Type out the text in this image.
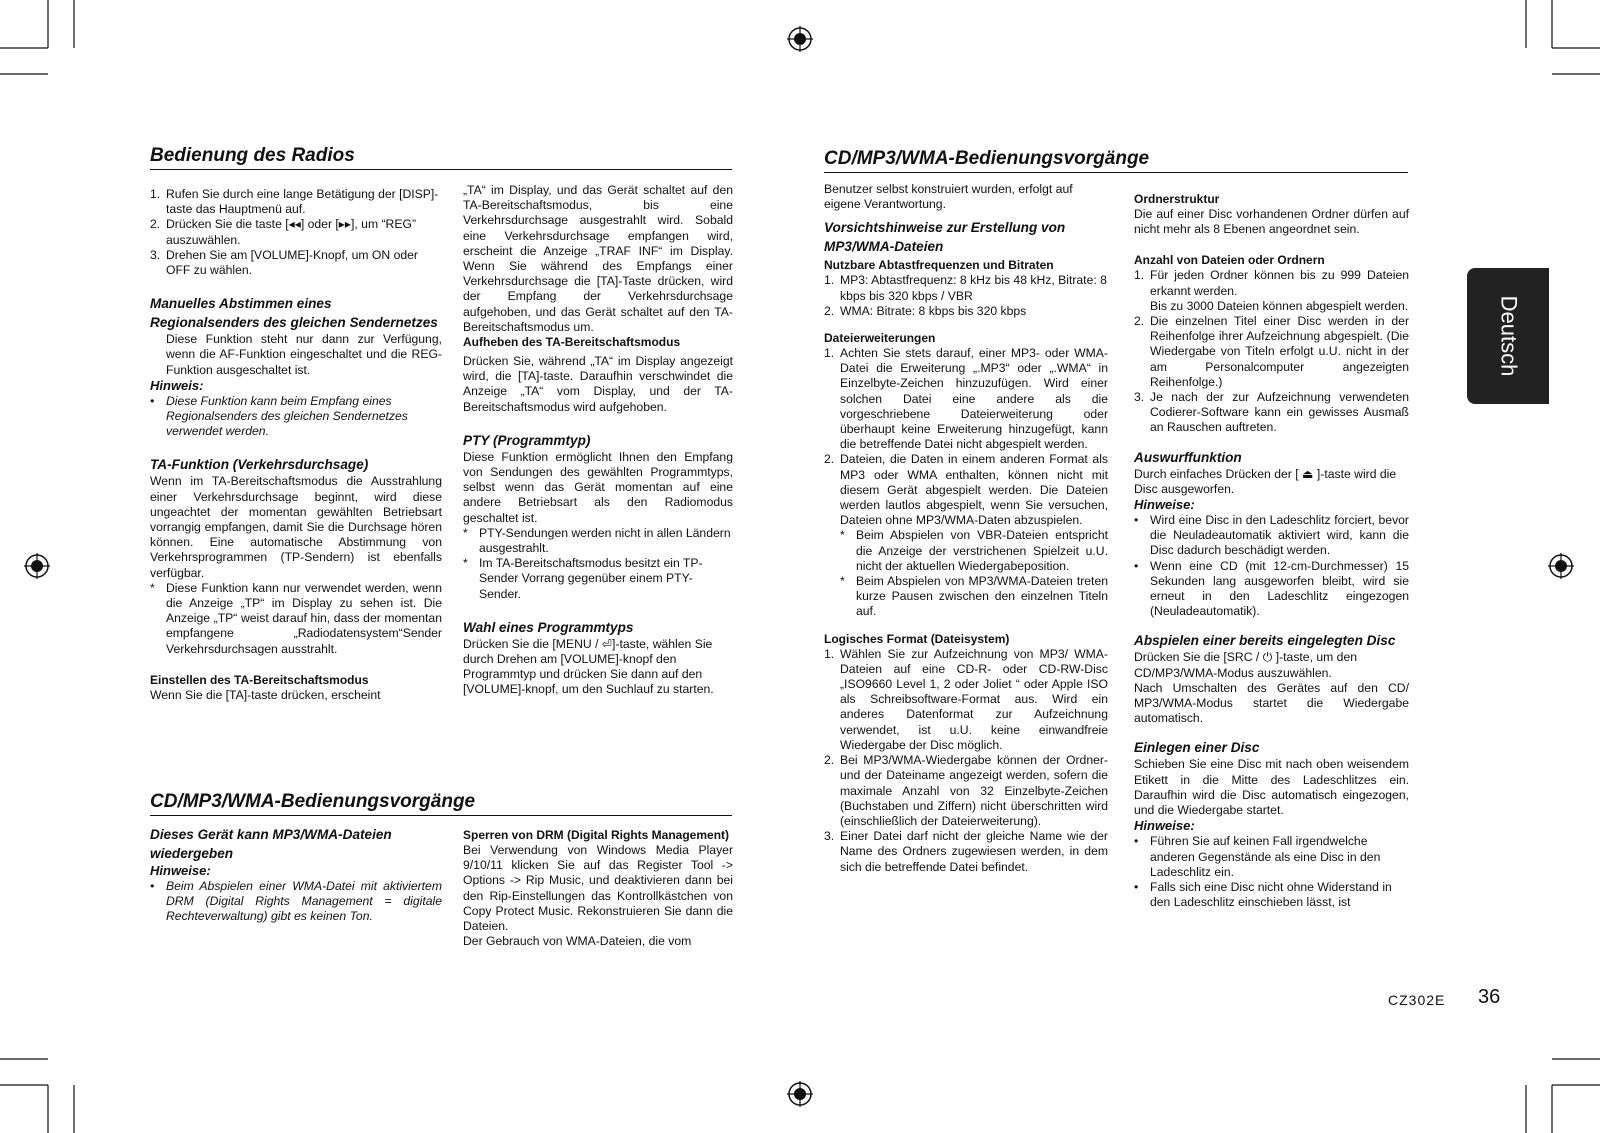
Deutsch
Bedienung des Radios	CD/MP3/WMA-Bedienungsvorgänge
CD/MP3/WMA-Bedienungsvorgänge
1. Rufen Sie durch eine lange Betätigung der [DISP]-taste das Hauptmenü auf.
2. Drücken Sie die taste [◂◂] oder [▸▸], um “REG” auszuwählen.
3. Drehen Sie am [VOLUME]-Knopf, um ON oder OFF zu wählen.

Manuelles Abstimmen eines Regionalsenders des gleichen Sendernetzes

Diese Funktion steht nur dann zur Verfügung, wenn die AF-Funktion eingeschaltet und die REG-Funktion ausgeschaltet ist.

Hinweis:

• Diese Funktion kann beim Empfang eines Regionalsenders des gleichen Sendernetzes verwendet werden.

TA-Funktion (Verkehrsdurchsage)

Wenn im TA-Bereitschaftsmodus die Ausstrahlung einer Verkehrsdurchsage beginnt, wird diese ungeachtet der momentan gewählten Betriebsart vorrangig empfangen, damit Sie die Durchsage hören können. Eine automatische Abstimmung von Verkehrsprogrammen (TP-Sendern) ist ebenfalls verfügbar.

* Diese Funktion kann nur verwendet werden, wenn die Anzeige „TP“ im Display zu sehen ist. Die Anzeige „TP“ weist darauf hin, dass der momentan empfangene „Radiodatensystem“Sender Verkehrsdurchsagen ausstrahlt.

Einstellen des TA-Bereitschaftsmodus

Wenn Sie die [TA]-taste drücken, erscheint

„TA“ im Display, und das Gerät schaltet auf den TA-Bereitschaftsmodus, bis eine Verkehrsdurchsage ausgestrahlt wird. Sobald eine Verkehrsdurchsage empfangen wird, erscheint die Anzeige „TRAF INF“ im Display. Wenn Sie während des Empfangs einer Verkehrsdurchsage die [TA]-Taste drücken, wird der Empfang der Verkehrsdurchsage aufgehoben, und das Gerät schaltet auf den TA-Bereitschaftsmodus um.

Aufheben des TA-Bereitschaftsmodus

Drücken Sie, während „TA“ im Display angezeigt wird, die [TA]-taste. Daraufhin verschwindet die Anzeige „TA“ vom Display, und der TA-Bereitschaftsmodus wird aufgehoben.

PTY (Programmtyp)

Diese Funktion ermöglicht Ihnen den Empfang von Sendungen des gewählten Programmtyps, selbst wenn das Gerät momentan auf eine andere Betriebsart als den Radiomodus geschaltet ist.

* PTY-Sendungen werden nicht in allen Ländern ausgestrahlt.
* Im TA-Bereitschaftsmodus besitzt ein TP-Sender Vorrang gegenüber einem PTY-Sender.

Wahl eines Programmtyps

Drücken Sie die [MENU / ⏎]-taste, wählen Sie durch Drehen am [VOLUME]-knopf den Programmtyp und drücken Sie dann auf den [VOLUME]-knopf, um den Suchlauf zu starten.

Dieses Gerät kann MP3/WMA-Dateien wiedergeben

Hinweise:

• Beim Abspielen einer WMA-Datei mit aktiviertem DRM (Digital Rights Management = digitale Rechteverwaltung) gibt es keinen Ton.

Sperren von DRM (Digital Rights Management)

Bei Verwendung von Windows Media Player 9/10/11 klicken Sie auf das Register Tool -> Options -> Rip Music, und deaktivieren dann bei den Rip-Einstellungen das Kontrollkästchen von Copy Protect Music. Rekonstruieren Sie dann die Dateien.

Der Gebrauch von WMA-Dateien, die vom

Benutzer selbst konstruiert wurden, erfolgt auf eigene Verantwortung.

Vorsichtshinweise zur Erstellung von MP3/WMA-Dateien

Nutzbare Abtastfrequenzen und Bitraten

1. MP3: Abtastfrequenz: 8 kHz bis 48 kHz, Bitrate: 8 kbps bis 320 kbps / VBR
2. WMA: Bitrate: 8 kbps bis 320 kbps

Dateierweiterungen

1. Achten Sie stets darauf, einer MP3- oder WMA-Datei die Erweiterung „.MP3“ oder „.WMA“ in Einzelbyte-Zeichen hinzuzufügen. Wird einer solchen Datei eine andere als die vorgeschriebene Dateierweiterung oder überhaupt keine Erweiterung hinzugefügt, kann die betreffende Datei nicht abgespielt werden.
2. Dateien, die Daten in einem anderen Format als MP3 oder WMA enthalten, können nicht mit diesem Gerät abgespielt werden. Die Dateien werden lautlos abgespielt, wenn Sie versuchen, Dateien ohne MP3/WMA-Daten abzuspielen.
* Beim Abspielen von VBR-Dateien entspricht die Anzeige der verstrichenen Spielzeit u.U. nicht der aktuellen Wiedergabeposition.
* Beim Abspielen von MP3/WMA-Dateien treten kurze Pausen zwischen den einzelnen Titeln auf.

Logisches Format (Dateisystem)

1. Wählen Sie zur Aufzeichnung von MP3/ WMA-Dateien auf eine CD-R- oder CD-RW-Disc „ISO9660 Level 1, 2 oder Joliet “ oder Apple ISO als Schreibsoftware-Format aus. Wird ein anderes Datenformat zur Aufzeichnung verwendet, ist u.U. keine einwandfreie Wiedergabe der Disc möglich.
2. Bei MP3/WMA-Wiedergabe können der Ordner- und der Dateiname angezeigt werden, sofern die maximale Anzahl von 32 Einzelbyte-Zeichen (Buchstaben und Ziffern) nicht überschritten wird (einschließlich der Dateierweiterung).
3. Einer Datei darf nicht der gleiche Name wie der Name des Ordners zugewiesen werden, in dem sich die betreffende Datei befindet.

Ordnerstruktur

Die auf einer Disc vorhandenen Ordner dürfen auf nicht mehr als 8 Ebenen angeordnet sein.

Anzahl von Dateien oder Ordnern

1. Für jeden Ordner können bis zu 999 Dateien erkannt werden.
Bis zu 3000 Dateien können abgespielt werden.
2. Die einzelnen Titel einer Disc werden in der Reihenfolge ihrer Aufzeichnung abgespielt. (Die Wiedergabe von Titeln erfolgt u.U. nicht in der am Personalcomputer angezeigten Reihenfolge.)
3. Je nach der zur Aufzeichnung verwendeten Codierer-Software kann ein gewisses Ausmaß an Rauschen auftreten.

Auswurffunktion

Durch einfaches Drücken der [ ⏏ ]-taste wird die Disc ausgeworfen.

Hinweise:

• Wird eine Disc in den Ladeschlitz forciert, bevor die Neuladeautomatik aktiviert wird, kann die Disc dadurch beschädigt werden.
• Wenn eine CD (mit 12-cm-Durchmesser) 15 Sekunden lang ausgeworfen bleibt, wird sie erneut in den Ladeschlitz eingezogen (Neuladeautomatik).

Abspielen einer bereits eingelegten Disc

Drücken Sie die [SRC / ⏻ ]-taste, um den CD/MP3/WMA-Modus auszuwählen.

Nach Umschalten des Gerätes auf den CD/ MP3/WMA-Modus startet die Wiedergabe automatisch.

Einlegen einer Disc

Schieben Sie eine Disc mit nach oben weisendem Etikett in die Mitte des Ladeschlitzes ein. Daraufhin wird die Disc automatisch eingezogen, und die Wiedergabe startet.

Hinweise:

• Führen Sie auf keinen Fall irgendwelche anderen Gegenstände als eine Disc in den Ladeschlitz ein.
• Falls sich eine Disc nicht ohne Widerstand in den Ladeschlitz einschieben lässt, ist
CZ302E 36
